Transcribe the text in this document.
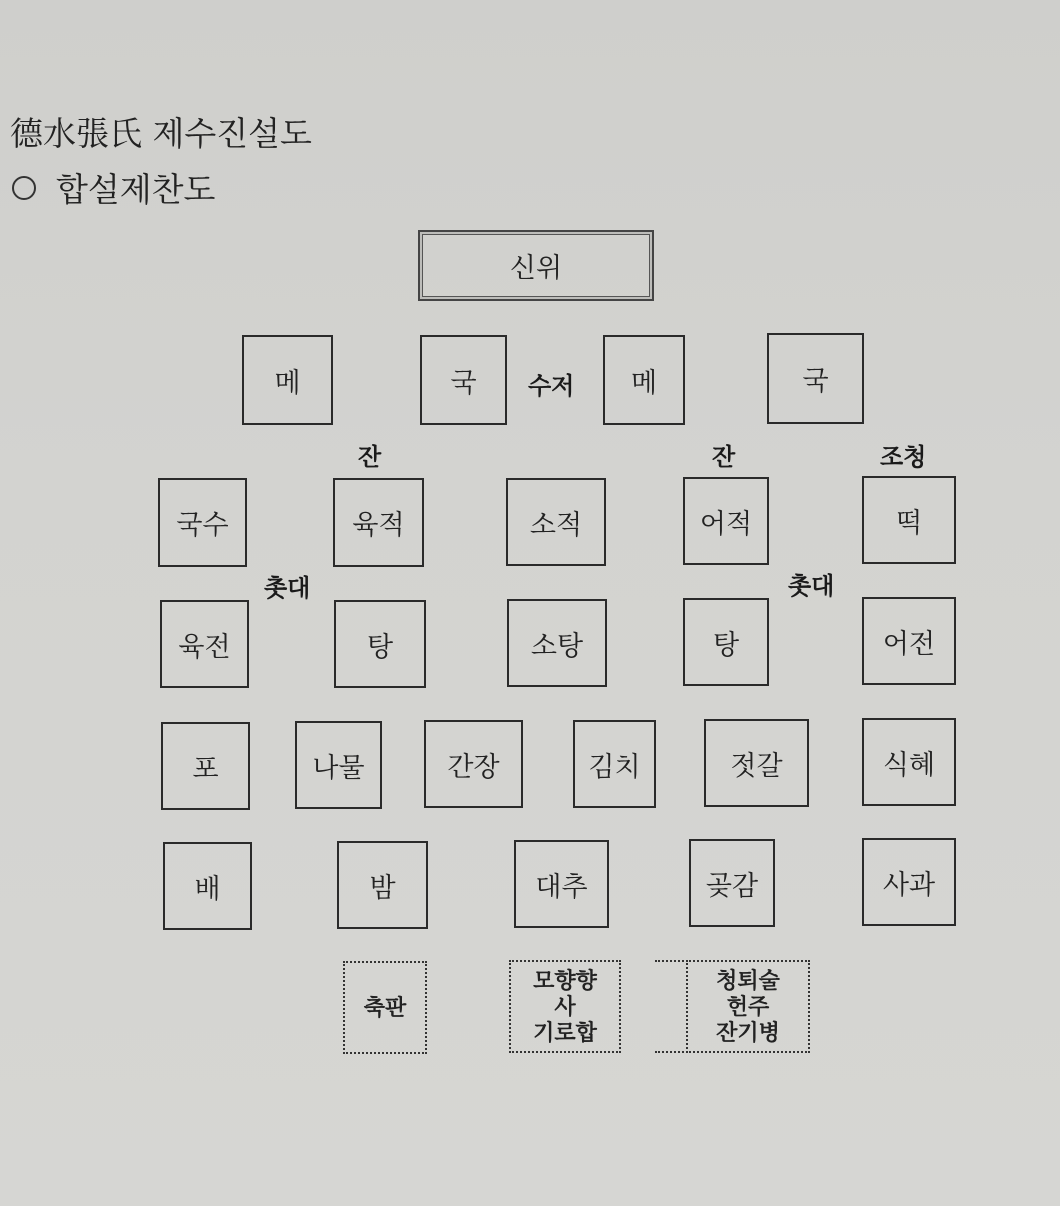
德水張氏 제수진설도
합설제찬도
신위
메	국	수저	메	국
잔	잔	조청
국수	육적	소적	어적	떡
촛대	촛대
육전	탕	소탕	탕	어전
포	나물	간장	김치	젓갈	식혜
배	밤	대추	곶감	사과
축판
모향향
사
기로합
청퇴술
헌주
잔기병
